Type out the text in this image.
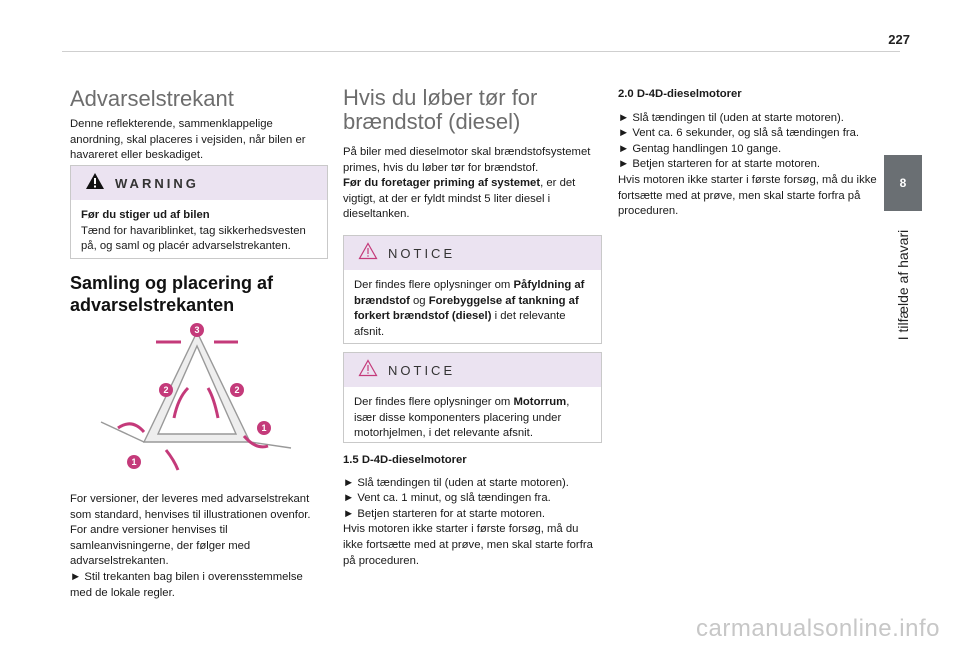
227
8
I tilfælde af havari
Advarselstrekant

Denne reflekterende, sammenklappelige anordning, skal placeres i vejsiden, når bilen er havareret eller beskadiget.

WARNING
Før du stiger ud af bilen
Tænd for havariblinket, tag sikkerhedsvesten på, og saml og placér advarselstrekanten.
Samling og placering af advarselstrekanten
3
2	2
1
1

For versioner, der leveres med advarselstrekant som standard, henvises til illustrationen ovenfor.

For andre versioner henvises til samleanvisningerne, der følger med advarselstrekanten.

► Stil trekanten bag bilen i overensstemmelse med de lokale regler.

Hvis du løber tør for brændstof (diesel)

På biler med dieselmotor skal brændstofsystemet primes, hvis du løber tør for brændstof.

Før du foretager priming af systemet, er det vigtigt, at der er fyldt mindst 5 liter diesel i dieseltanken.

NOTICE
Der findes flere oplysninger om Påfyldning af brændstof og Forebyggelse af tankning af forkert brændstof (diesel) i det relevante afsnit.
NOTICE
Der findes flere oplysninger om Motorrum, især disse komponenters placering under motorhjelmen, i det relevante afsnit.
1.5 D-4D-dieselmotorer

► Slå tændingen til (uden at starte motoren).

► Vent ca. 1 minut, og slå tændingen fra.

► Betjen starteren for at starte motoren.

Hvis motoren ikke starter i første forsøg, må du ikke fortsætte med at prøve, men skal starte forfra på proceduren.

2.0 D-4D-dieselmotorer

► Slå tændingen til (uden at starte motoren).

► Vent ca. 6 sekunder, og slå så tændingen fra.

► Gentag handlingen 10 gange.

► Betjen starteren for at starte motoren.

Hvis motoren ikke starter i første forsøg, må du ikke fortsætte med at prøve, men skal starte forfra på proceduren.

carmanualsonline.info
